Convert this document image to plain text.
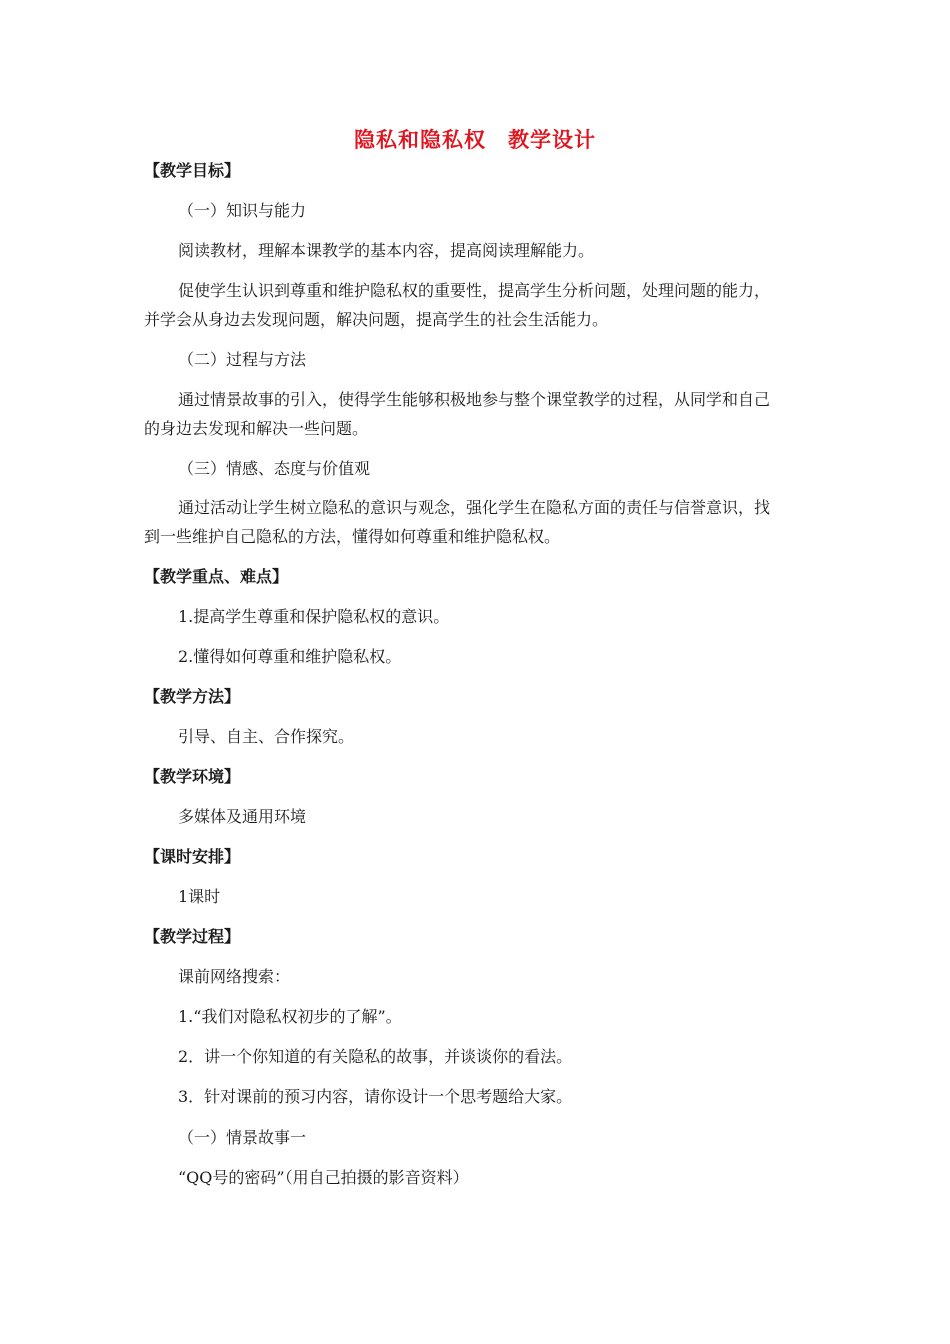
隐私和隐私权　教学设计
【教学目标】
（一）知识与能力
阅读教材，理解本课教学的基本内容，提高阅读理解能力。
促使学生认识到尊重和维护隐私权的重要性，提高学生分析问题，处理问题的能力，
并学会从身边去发现问题，解决问题，提高学生的社会生活能力。
（二）过程与方法
通过情景故事的引入，使得学生能够积极地参与整个课堂教学的过程，从同学和自己
的身边去发现和解决一些问题。
（三）情感、态度与价值观
通过活动让学生树立隐私的意识与观念，强化学生在隐私方面的责任与信誉意识，找
到一些维护自己隐私的方法，懂得如何尊重和维护隐私权。
【教学重点、难点】
1.提高学生尊重和保护隐私权的意识。
2.懂得如何尊重和维护隐私权。
【教学方法】
引导、自主、合作探究。
【教学环境】
多媒体及通用环境
【课时安排】
1课时
【教学过程】
课前网络搜索：
1.“我们对隐私权初步的了解”。
2．讲一个你知道的有关隐私的故事，并谈谈你的看法。
3．针对课前的预习内容，请你设计一个思考题给大家。
（一）情景故事一
“QQ号的密码”（用自己拍摄的影音资料）
